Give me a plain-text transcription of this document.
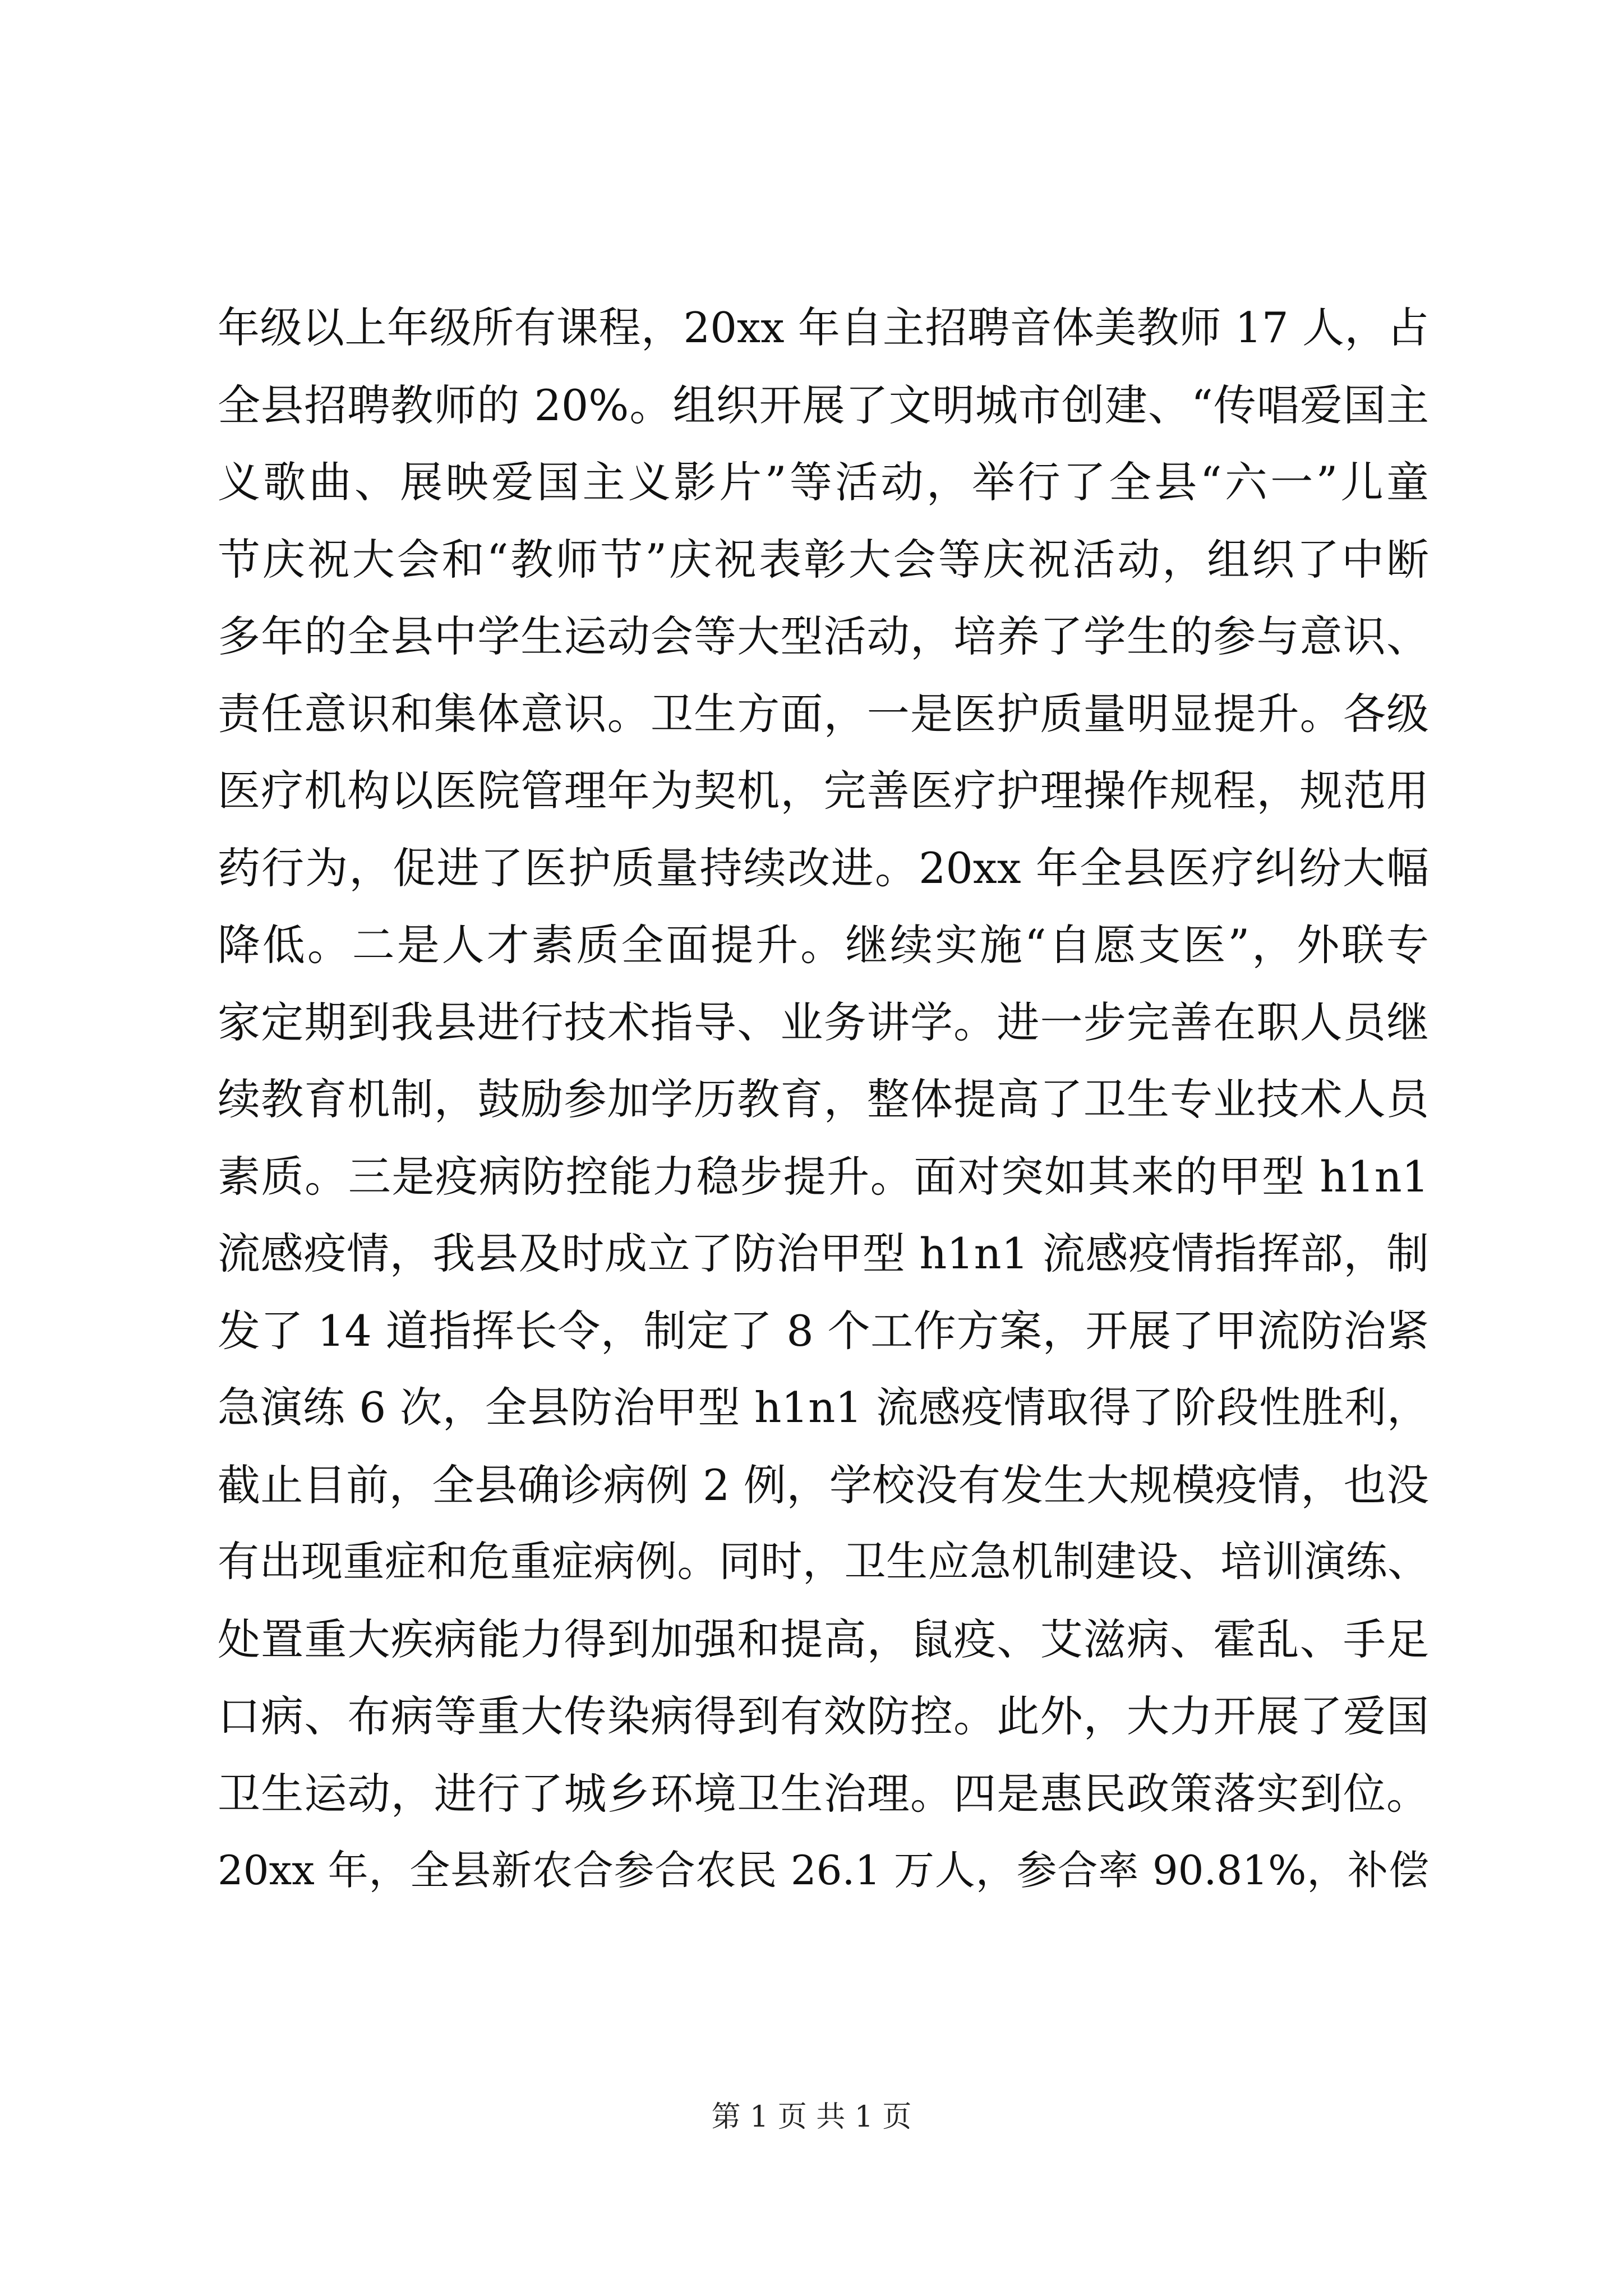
年级以上年级所有课程，20xx 年自主招聘音体美教师 17 人，占
全县招聘教师的 20%。组织开展了文明城市创建、“传唱爱国主
义歌曲、展映爱国主义影片”等活动，举行了全县“六一”儿童
节庆祝大会和“教师节”庆祝表彰大会等庆祝活动，组织了中断
多年的全县中学生运动会等大型活动，培养了学生的参与意识、
责任意识和集体意识。卫生方面，一是医护质量明显提升。各级
医疗机构以医院管理年为契机，完善医疗护理操作规程，规范用
药行为，促进了医护质量持续改进。20xx 年全县医疗纠纷大幅
降低。二是人才素质全面提升。继续实施“自愿支医”，外联专
家定期到我县进行技术指导、业务讲学。进一步完善在职人员继
续教育机制，鼓励参加学历教育，整体提高了卫生专业技术人员
素质。三是疫病防控能力稳步提升。面对突如其来的甲型 h1n1
流感疫情，我县及时成立了防治甲型 h1n1 流感疫情指挥部，制
发了 14 道指挥长令，制定了 8 个工作方案，开展了甲流防治紧
急演练 6 次，全县防治甲型 h1n1 流感疫情取得了阶段性胜利，
截止目前，全县确诊病例 2 例，学校没有发生大规模疫情，也没
有出现重症和危重症病例。同时，卫生应急机制建设、培训演练、
处置重大疾病能力得到加强和提高，鼠疫、艾滋病、霍乱、手足
口病、布病等重大传染病得到有效防控。此外，大力开展了爱国
卫生运动，进行了城乡环境卫生治理。四是惠民政策落实到位。
20xx 年，全县新农合参合农民 26.1 万人，参合率 90.81%，补偿
第 1 页 共 1 页
